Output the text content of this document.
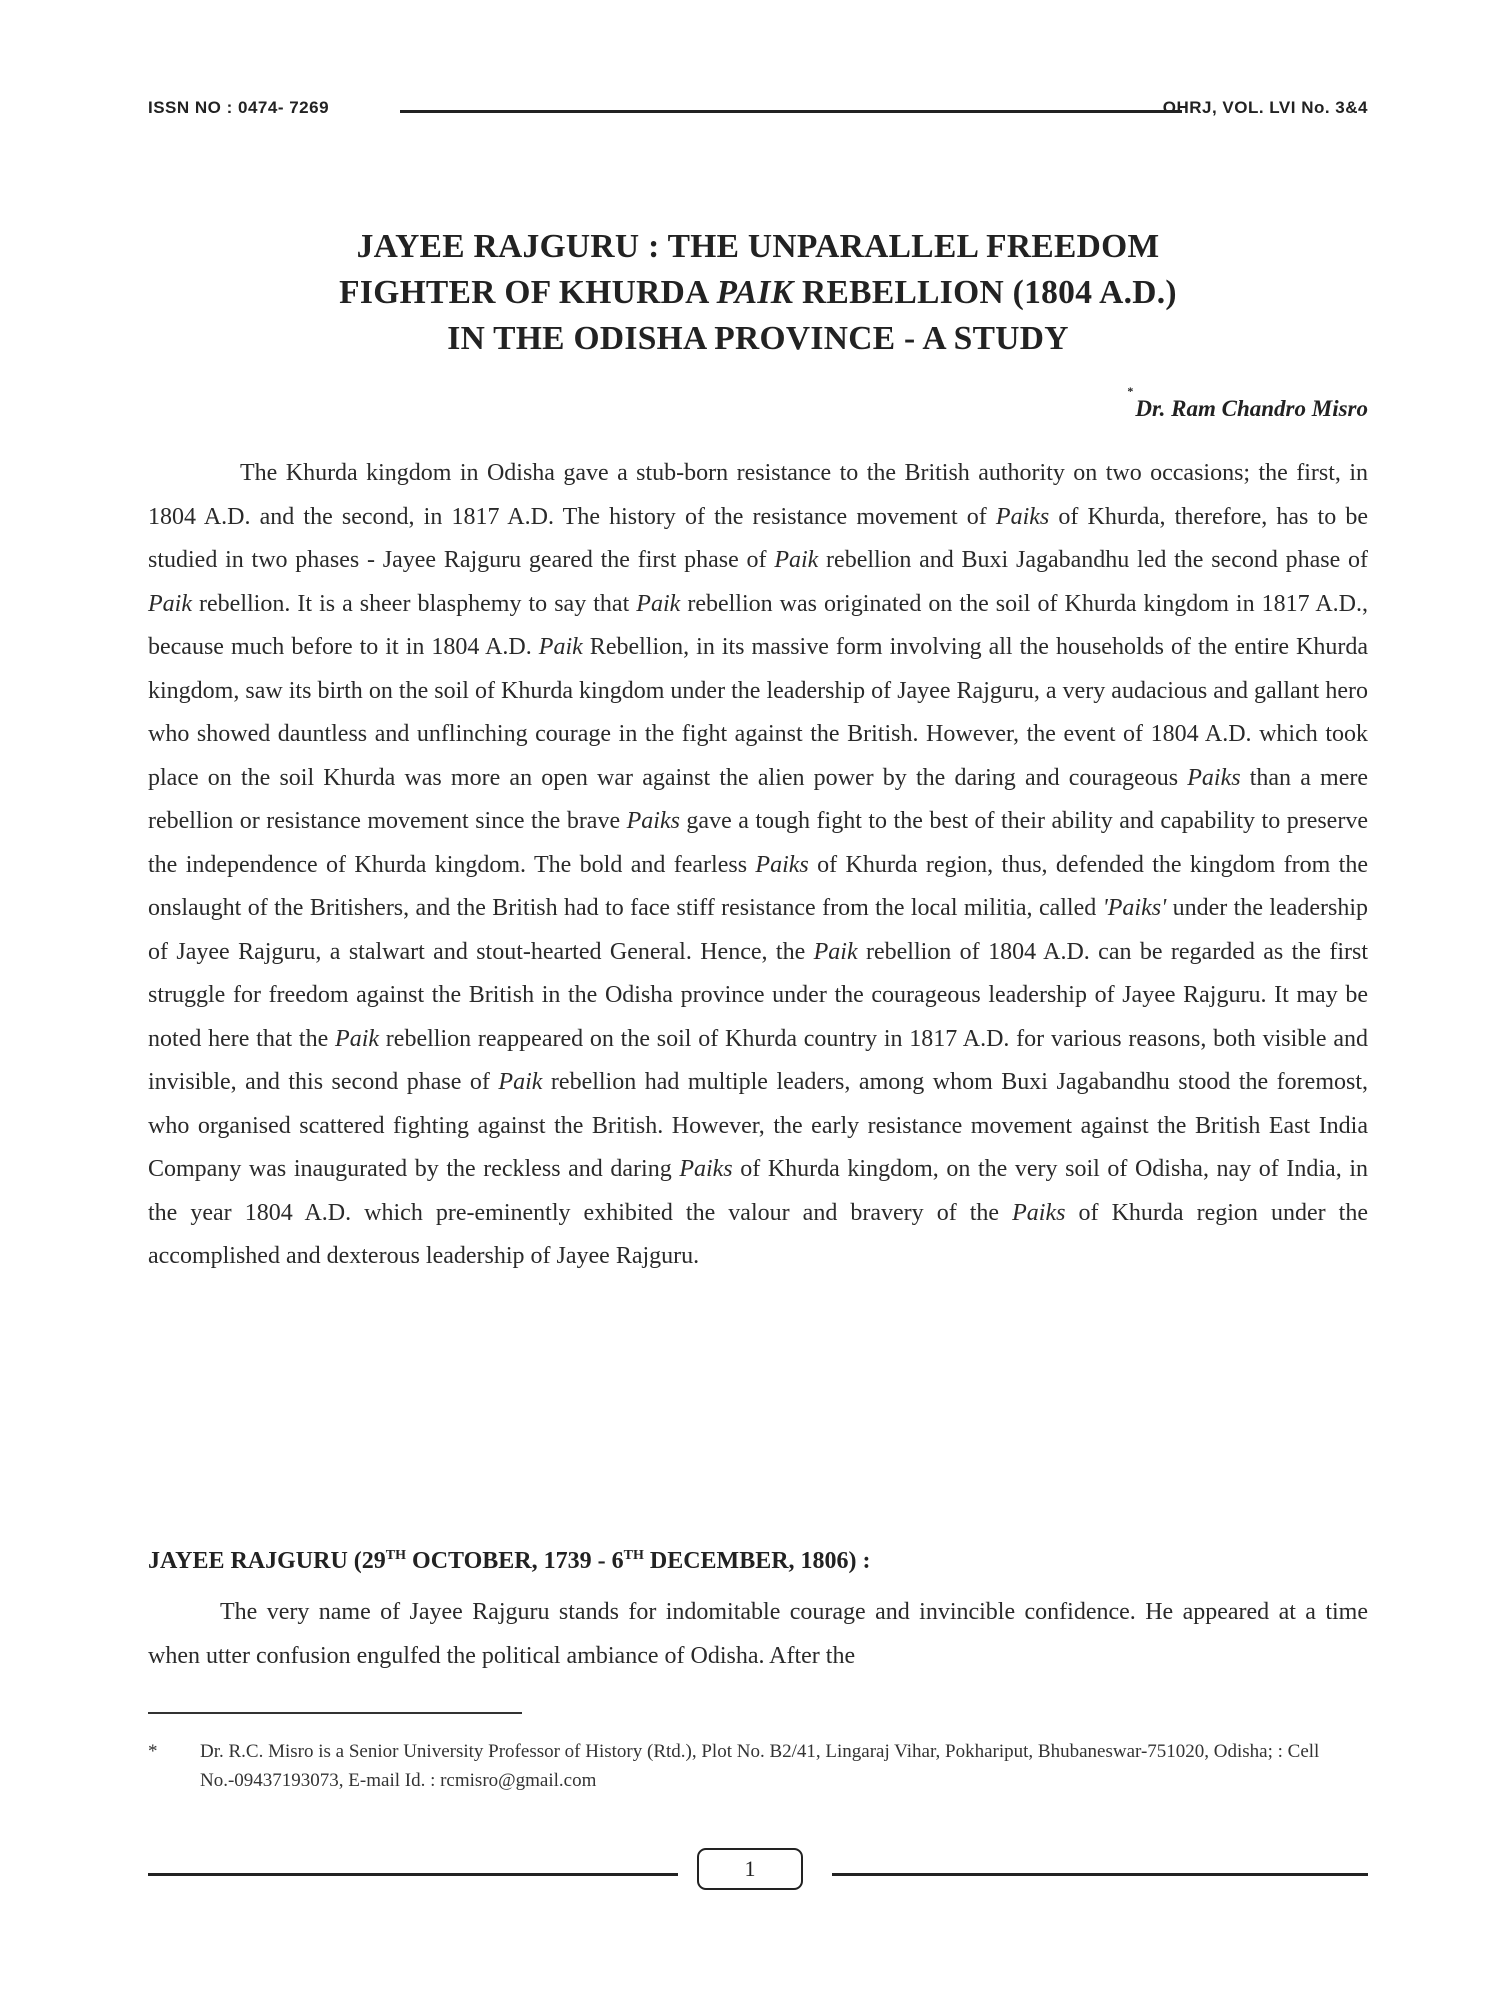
ISSN NO : 0474- 7269	OHRJ, VOL. LVI No. 3&4
JAYEE RAJGURU : THE UNPARALLEL FREEDOM
FIGHTER OF KHURDA PAIK REBELLION (1804 A.D.)
IN THE ODISHA PROVINCE - A STUDY
*
Dr. Ram Chandro Misro

The Khurda kingdom in Odisha gave a stub-born resistance to the British authority on two occasions; the first, in 1804 A.D. and the second, in 1817 A.D. The history of the resistance movement of Paiks of Khurda, therefore, has to be studied in two phases - Jayee Rajguru geared the first phase of Paik rebellion and Buxi Jagabandhu led the second phase of Paik rebellion. It is a sheer blasphemy to say that Paik rebellion was originated on the soil of Khurda kingdom in 1817 A.D., because much before to it in 1804 A.D. Paik Rebellion, in its massive form involving all the households of the entire Khurda kingdom, saw its birth on the soil of Khurda kingdom under the leadership of Jayee Rajguru, a very audacious and gallant hero who showed dauntless and unflinching courage in the fight against the British. However, the event of 1804 A.D. which took place on the soil Khurda was more an open war against the alien power by the daring and courageous Paiks than a mere rebellion or resistance movement since the brave Paiks gave a tough fight to the best of their ability and capability to preserve the independence of Khurda kingdom. The bold and fearless Paiks of Khurda region, thus, defended the kingdom from the onslaught of the Britishers, and the British had to face stiff resistance from the local militia, called 'Paiks' under the leadership of Jayee Rajguru, a stalwart and stout-hearted General. Hence, the Paik rebellion of 1804 A.D. can be regarded as the first struggle for freedom against the British in the Odisha province under the courageous leadership of Jayee Rajguru. It may be noted here that the Paik rebellion reappeared on the soil of Khurda country in 1817 A.D. for various reasons, both visible and invisible, and this second phase of Paik rebellion had multiple leaders, among whom Buxi Jagabandhu stood the foremost, who organised scattered fighting against the British. However, the early resistance movement against the British East India Company was inaugurated by the reckless and daring Paiks of Khurda kingdom, on the very soil of Odisha, nay of India, in the year 1804 A.D. which pre-eminently exhibited the valour and bravery of the Paiks of Khurda region under the accomplished and dexterous leadership of Jayee Rajguru.

JAYEE RAJGURU (29TH OCTOBER, 1739 - 6TH DECEMBER, 1806) :

The very name of Jayee Rajguru stands for indomitable courage and invincible confidence. He appeared at a time when utter confusion engulfed the political ambiance of Odisha. After the

* Dr. R.C. Misro is a Senior University Professor of History (Rtd.), Plot No. B2/41, Lingaraj Vihar, Pokhariput, Bhubaneswar-751020, Odisha; : Cell No.-09437193073, E-mail Id. : rcmisro@gmail.com
1
